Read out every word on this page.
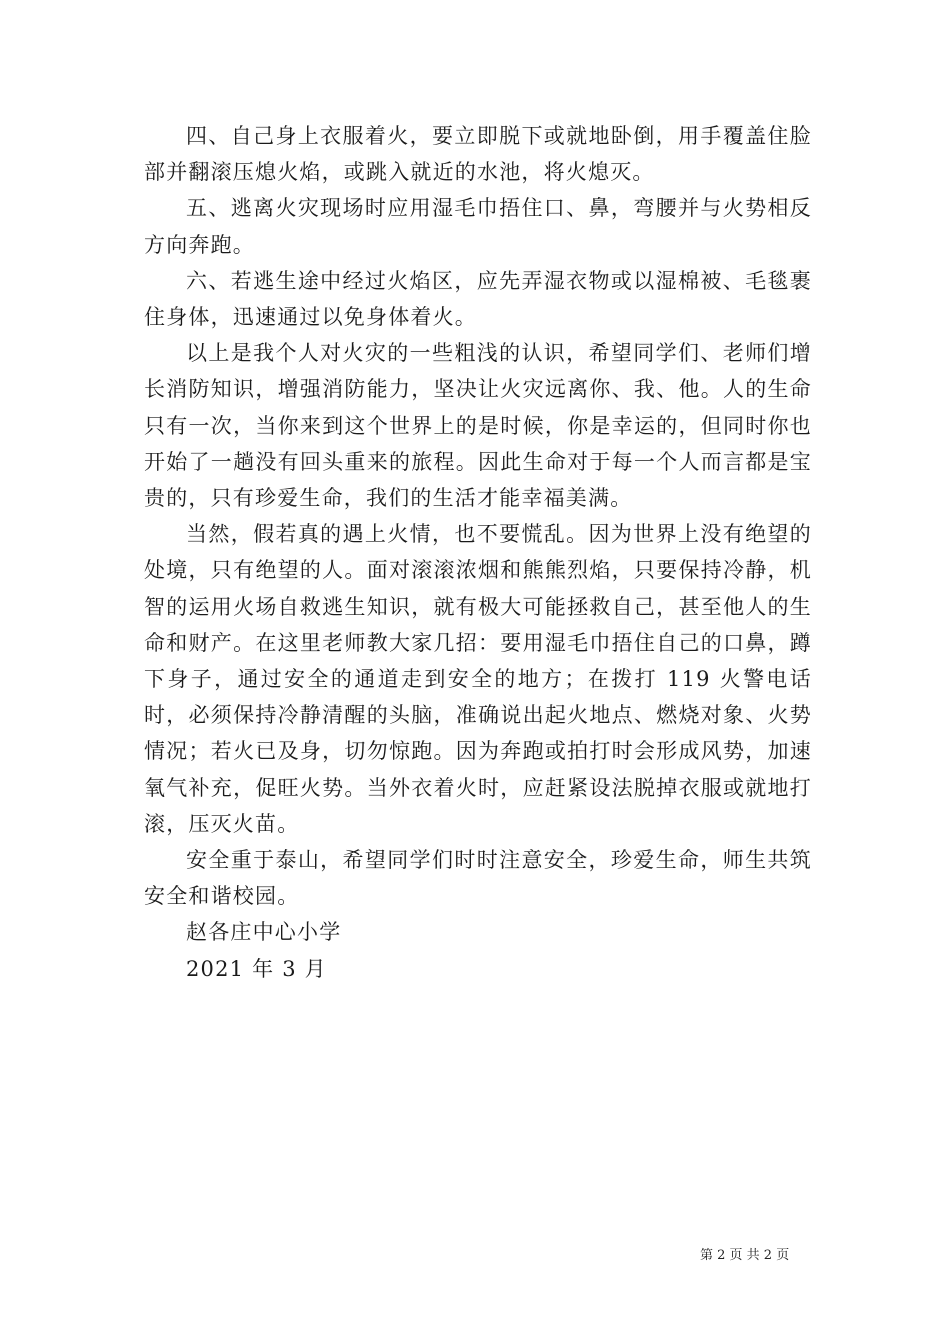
四、自己身上衣服着火，要立即脱下或就地卧倒，用手覆盖住脸部并翻滚压熄火焰，或跳入就近的水池，将火熄灭。

五、逃离火灾现场时应用湿毛巾捂住口、鼻，弯腰并与火势相反方向奔跑。

六、若逃生途中经过火焰区，应先弄湿衣物或以湿棉被、毛毯裹住身体，迅速通过以免身体着火。

以上是我个人对火灾的一些粗浅的认识，希望同学们、老师们增长消防知识，增强消防能力，坚决让火灾远离你、我、他。人的生命只有一次，当你来到这个世界上的是时候，你是幸运的，但同时你也开始了一趟没有回头重来的旅程。因此生命对于每一个人而言都是宝贵的，只有珍爱生命，我们的生活才能幸福美满。

当然，假若真的遇上火情，也不要慌乱。因为世界上没有绝望的处境，只有绝望的人。面对滚滚浓烟和熊熊烈焰，只要保持冷静，机智的运用火场自救逃生知识，就有极大可能拯救自己，甚至他人的生命和财产。在这里老师教大家几招：要用湿毛巾捂住自己的口鼻，蹲下身子，通过安全的通道走到安全的地方；在拨打 119 火警电话时，必须保持冷静清醒的头脑，准确说出起火地点、燃烧对象、火势情况；若火已及身，切勿惊跑。因为奔跑或拍打时会形成风势，加速氧气补充，促旺火势。当外衣着火时，应赶紧设法脱掉衣服或就地打滚，压灭火苗。

安全重于泰山，希望同学们时时注意安全，珍爱生命，师生共筑安全和谐校园。

赵各庄中心小学

2021 年 3 月

第 2 页 共 2 页
